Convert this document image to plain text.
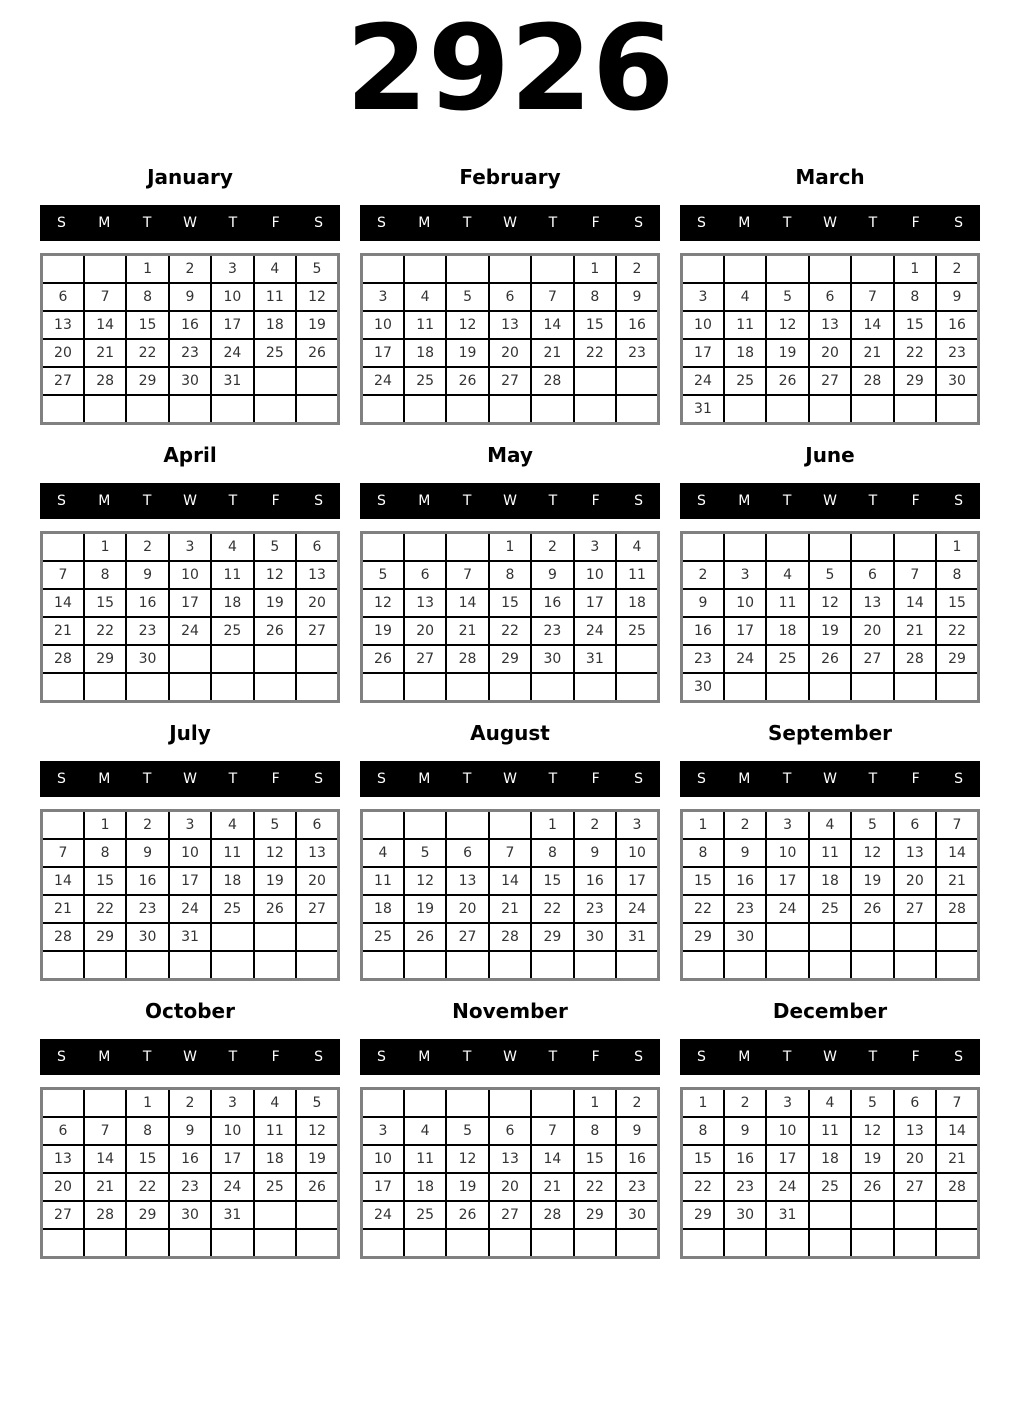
2926
January
S	M	T	W	T	F	S
		1	2	3	4	5
6	7	8	9	10	11	12
13	14	15	16	17	18	19
20	21	22	23	24	25	26
27	28	29	30	31		

February
S	M	T	W	T	F	S
					1	2
3	4	5	6	7	8	9
10	11	12	13	14	15	16
17	18	19	20	21	22	23
24	25	26	27	28		

March
S	M	T	W	T	F	S
					1	2
3	4	5	6	7	8	9
10	11	12	13	14	15	16
17	18	19	20	21	22	23
24	25	26	27	28	29	30
31						
April
S	M	T	W	T	F	S
	1	2	3	4	5	6
7	8	9	10	11	12	13
14	15	16	17	18	19	20
21	22	23	24	25	26	27
28	29	30				

May
S	M	T	W	T	F	S
			1	2	3	4
5	6	7	8	9	10	11
12	13	14	15	16	17	18
19	20	21	22	23	24	25
26	27	28	29	30	31	

June
S	M	T	W	T	F	S
						1
2	3	4	5	6	7	8
9	10	11	12	13	14	15
16	17	18	19	20	21	22
23	24	25	26	27	28	29
30						
July
S	M	T	W	T	F	S
	1	2	3	4	5	6
7	8	9	10	11	12	13
14	15	16	17	18	19	20
21	22	23	24	25	26	27
28	29	30	31			

August
S	M	T	W	T	F	S
				1	2	3
4	5	6	7	8	9	10
11	12	13	14	15	16	17
18	19	20	21	22	23	24
25	26	27	28	29	30	31

September
S	M	T	W	T	F	S
1	2	3	4	5	6	7
8	9	10	11	12	13	14
15	16	17	18	19	20	21
22	23	24	25	26	27	28
29	30					

October
S	M	T	W	T	F	S
		1	2	3	4	5
6	7	8	9	10	11	12
13	14	15	16	17	18	19
20	21	22	23	24	25	26
27	28	29	30	31		

November
S	M	T	W	T	F	S
					1	2
3	4	5	6	7	8	9
10	11	12	13	14	15	16
17	18	19	20	21	22	23
24	25	26	27	28	29	30

December
S	M	T	W	T	F	S
1	2	3	4	5	6	7
8	9	10	11	12	13	14
15	16	17	18	19	20	21
22	23	24	25	26	27	28
29	30	31				
